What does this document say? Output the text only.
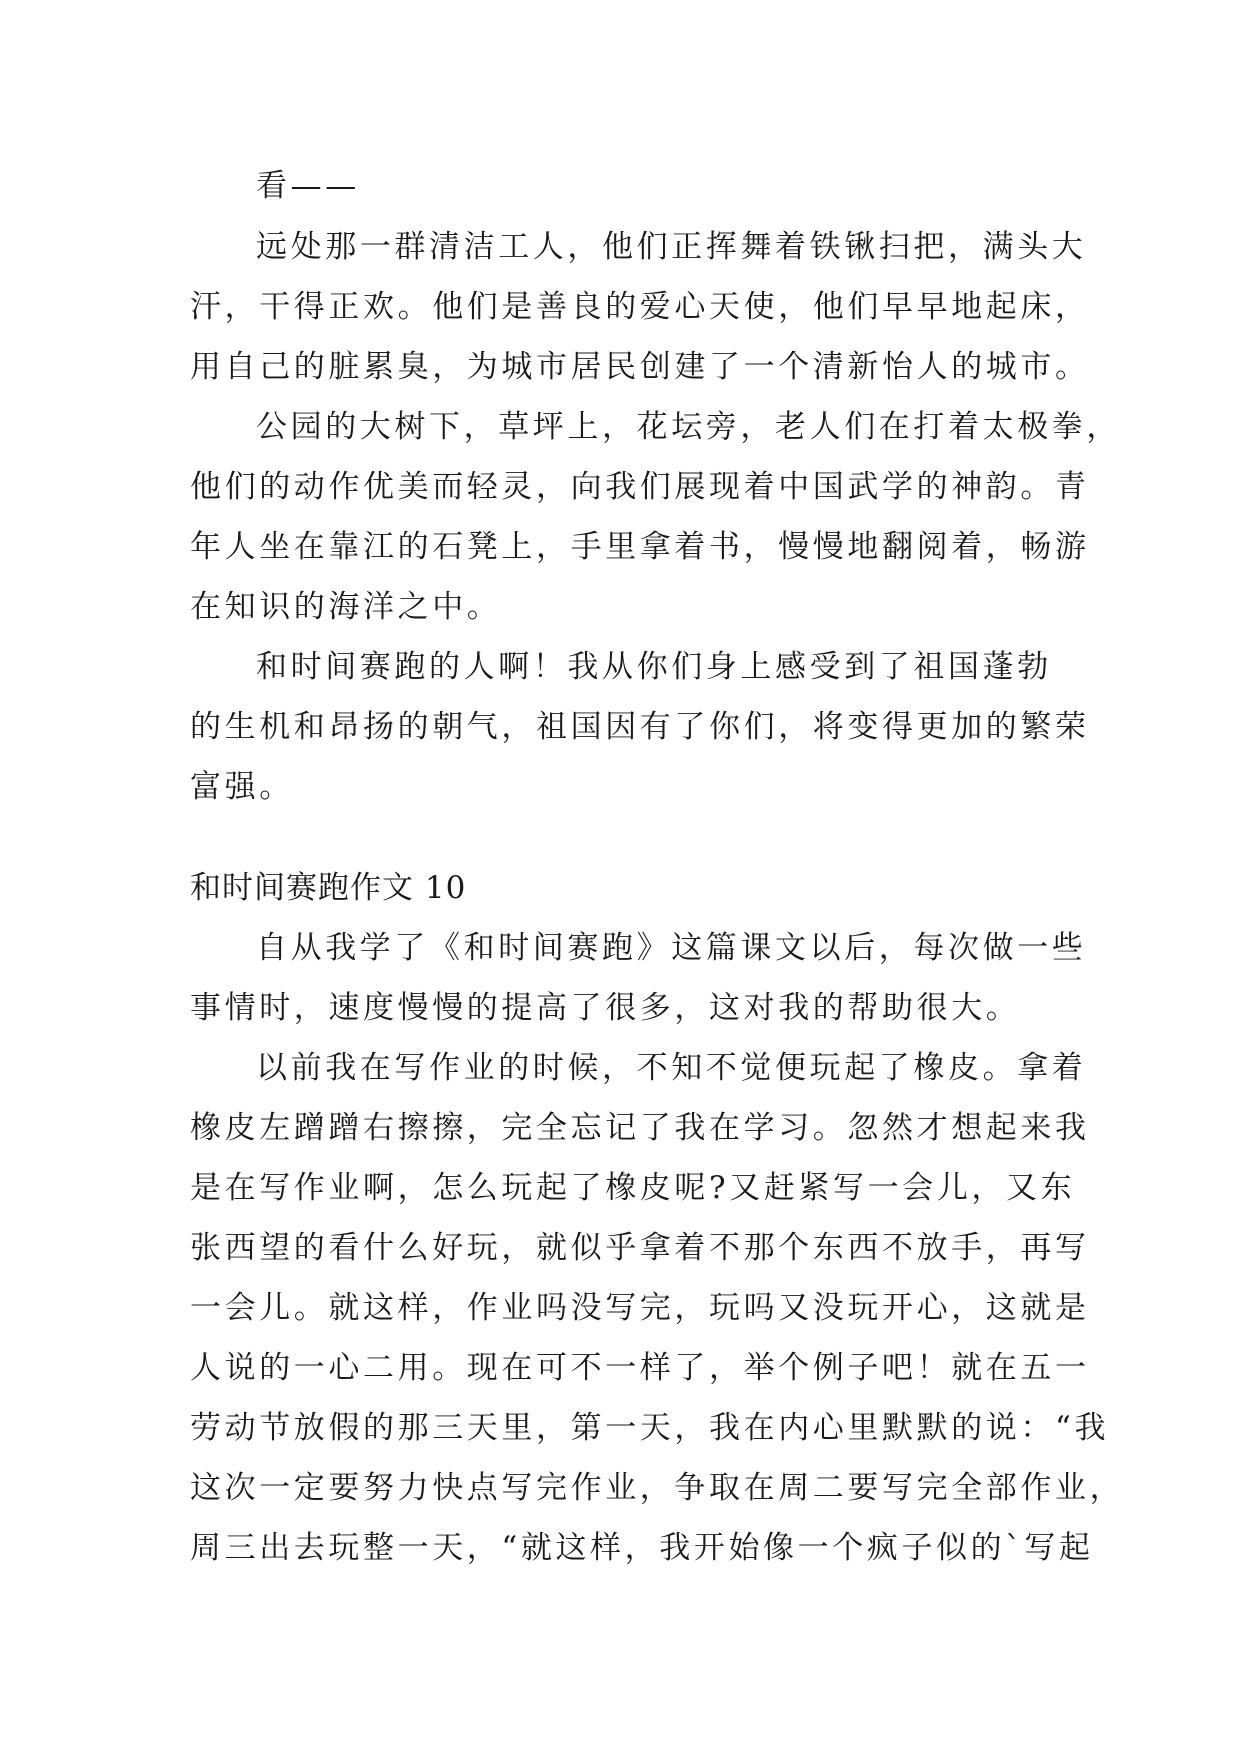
看——
远处那一群清洁工人，他们正挥舞着铁锹扫把，满头大
汗，干得正欢。他们是善良的爱心天使，他们早早地起床，
用自己的脏累臭，为城市居民创建了一个清新怡人的城市。
公园的大树下，草坪上，花坛旁，老人们在打着太极拳，
他们的动作优美而轻灵，向我们展现着中国武学的神韵。青
年人坐在靠江的石凳上，手里拿着书，慢慢地翻阅着，畅游
在知识的海洋之中。
和时间赛跑的人啊！我从你们身上感受到了祖国蓬勃
的生机和昂扬的朝气，祖国因有了你们，将变得更加的繁荣
富强。
和时间赛跑作文 10
自从我学了《和时间赛跑》这篇课文以后，每次做一些
事情时，速度慢慢的提高了很多，这对我的帮助很大。
以前我在写作业的时候，不知不觉便玩起了橡皮。拿着
橡皮左蹭蹭右擦擦，完全忘记了我在学习。忽然才想起来我
是在写作业啊，怎么玩起了橡皮呢?又赶紧写一会儿，又东
张西望的看什么好玩，就似乎拿着不那个东西不放手，再写
一会儿。就这样，作业吗没写完，玩吗又没玩开心，这就是
人说的一心二用。现在可不一样了，举个例子吧！就在五一
劳动节放假的那三天里，第一天，我在内心里默默的说：“我
这次一定要努力快点写完作业，争取在周二要写完全部作业，
周三出去玩整一天，“就这样，我开始像一个疯子似的`写起
